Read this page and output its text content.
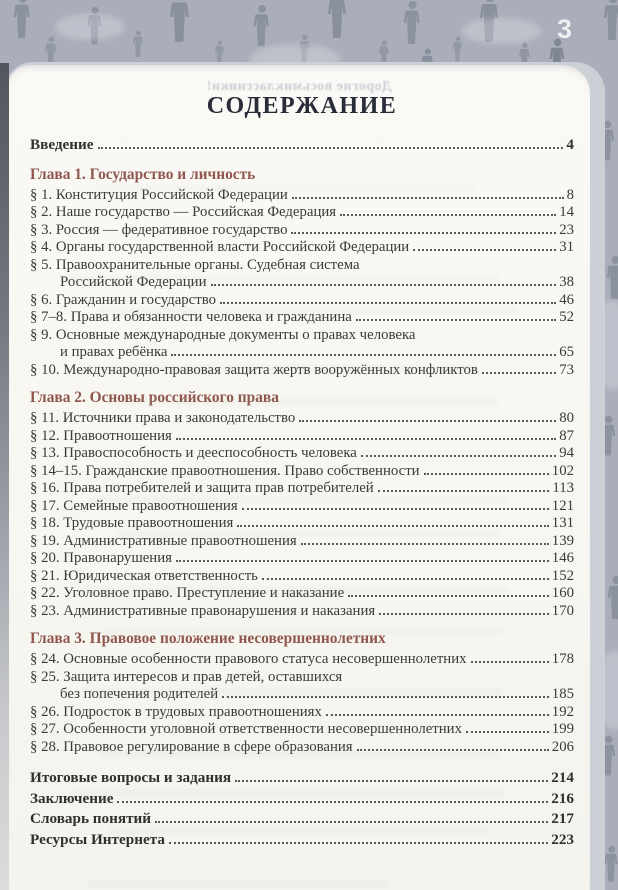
3
Дорогие восьмиклассники!
СОДЕРЖАНИЕ
Введение	4
Глава 1. Государство и личность
§ 1. Конституция Российской Федерации	8
§ 2. Наше государство — Российская Федерация	14
§ 3. Россия — федеративное государство	23
§ 4. Органы государственной власти Российской Федерации	31
§ 5. Правоохранительные органы. Судебная система
Российской Федерации	38
§ 6. Гражданин и государство	46
§ 7–8. Права и обязанности человека и гражданина	52
§ 9. Основные международные документы о правах человека
и правах ребёнка	65
§ 10. Международно-правовая защита жертв вооружённых конфликтов	73
Глава 2. Основы российского права
§ 11. Источники права и законодательство	80
§ 12. Правоотношения	87
§ 13. Правоспособность и дееспособность человека	94
§ 14–15. Гражданские правоотношения. Право собственности	102
§ 16. Права потребителей и защита прав потребителей	113
§ 17. Семейные правоотношения	121
§ 18. Трудовые правоотношения	131
§ 19. Административные правоотношения	139
§ 20. Правонарушения	146
§ 21. Юридическая ответственность	152
§ 22. Уголовное право. Преступление и наказание	160
§ 23. Административные правонарушения и наказания	170
Глава 3. Правовое положение несовершеннолетних
§ 24. Основные особенности правового статуса несовершеннолетних	178
§ 25. Защита интересов и прав детей, оставшихся
без попечения родителей	185
§ 26. Подросток в трудовых правоотношениях	192
§ 27. Особенности уголовной ответственности несовершеннолетних	199
§ 28. Правовое регулирование в сфере образования	206
Итоговые вопросы и задания	214
Заключение	216
Словарь понятий	217
Ресурсы Интернета	223
